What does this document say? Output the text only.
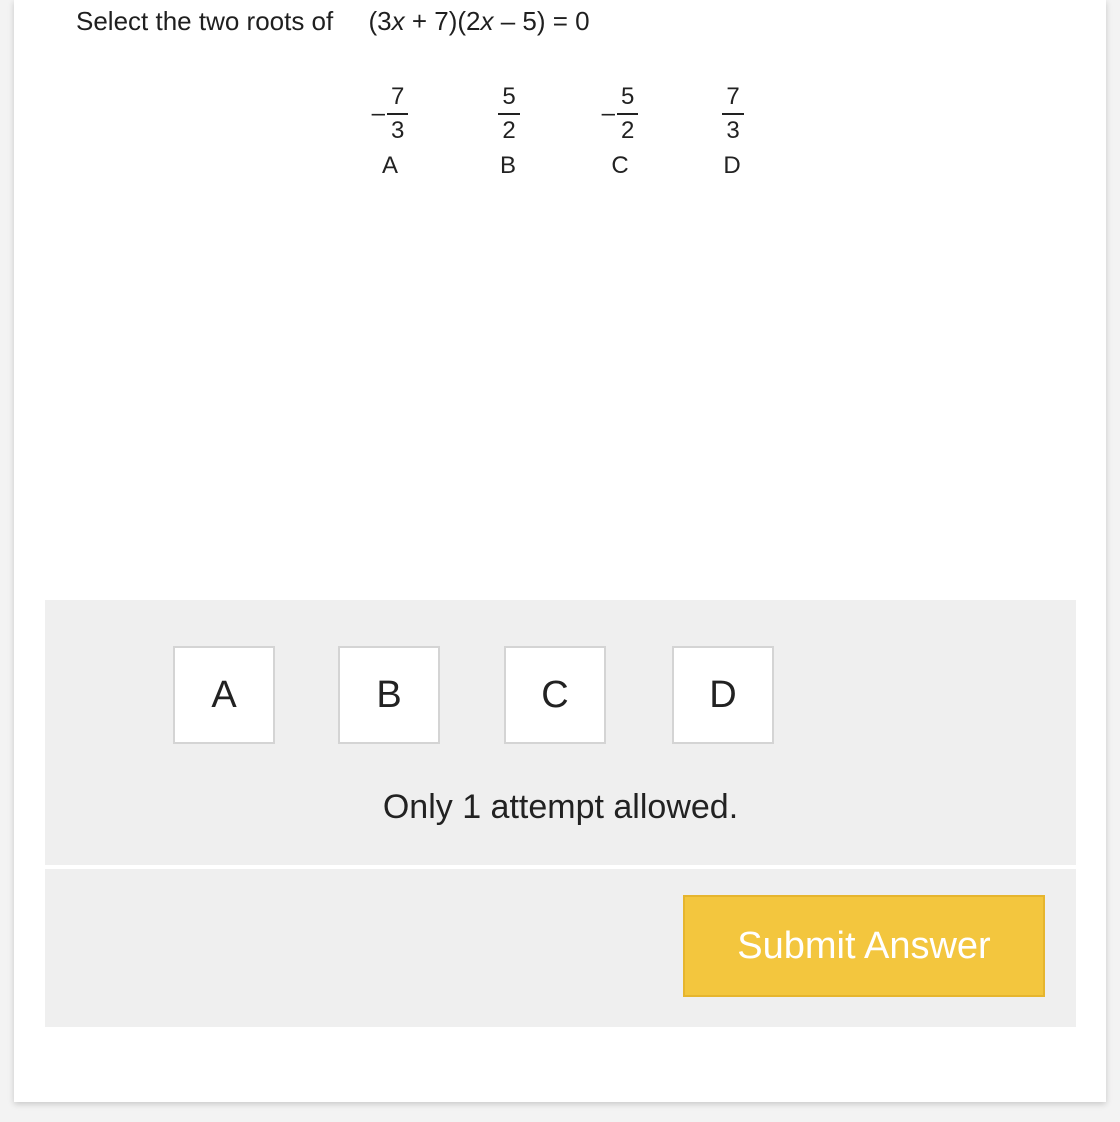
Select the two roots of (3x + 7)(2x – 5) = 0
– $\frac{7}{3}$
A
$\frac{5}{2}$
B
– $\frac{5}{2}$
C
$\frac{7}{3}$
D
A	B	C	D
Only 1 attempt allowed.
Submit Answer
